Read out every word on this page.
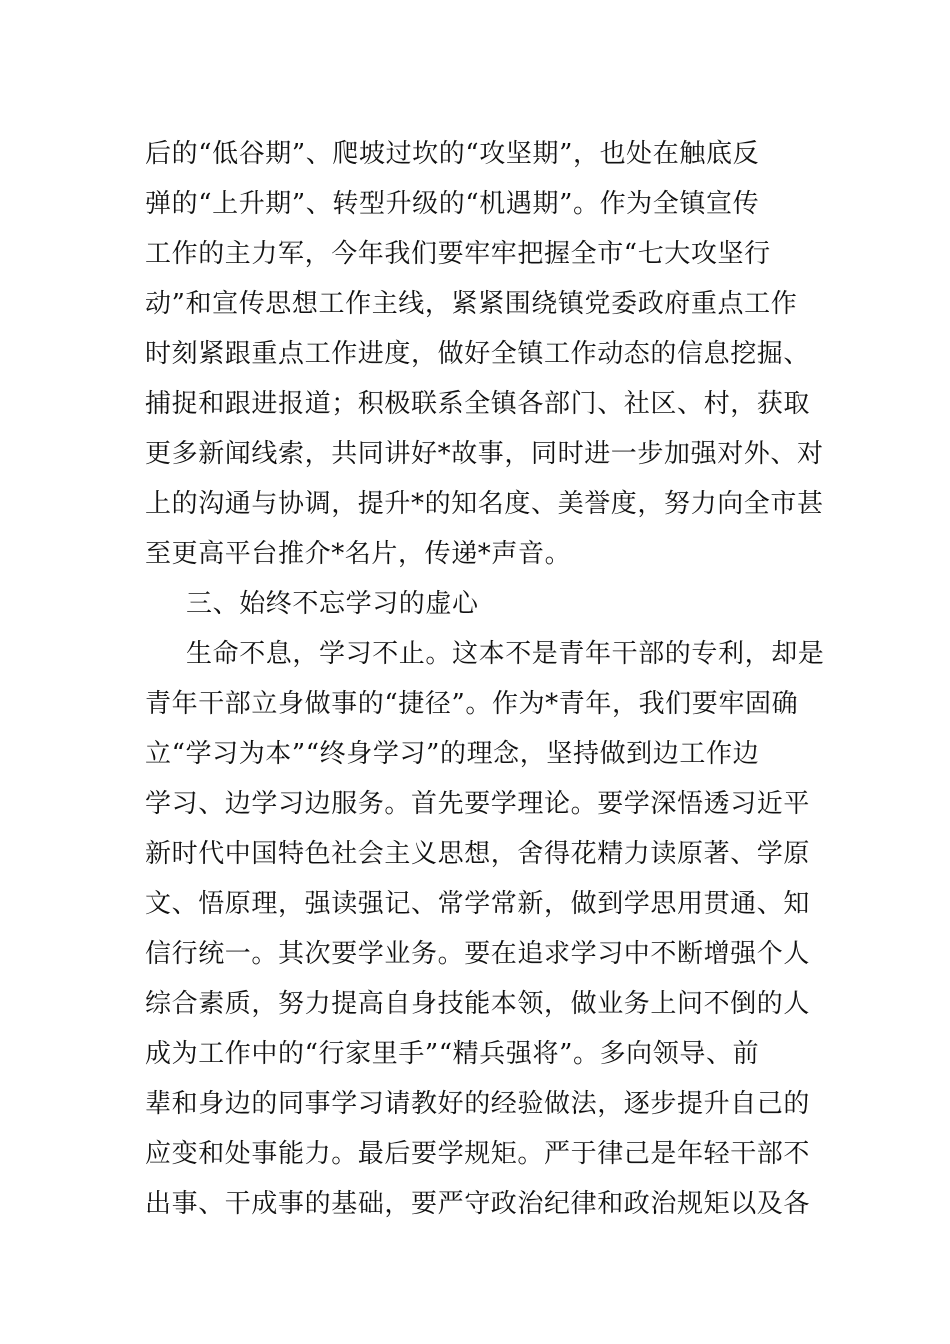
后的“低谷期”、爬坡过坎的“攻坚期”，也处在触底反
弹的“上升期”、转型升级的“机遇期”。作为全镇宣传
工作的主力军，今年我们要牢牢把握全市“七大攻坚行
动”和宣传思想工作主线，紧紧围绕镇党委政府重点工作
时刻紧跟重点工作进度，做好全镇工作动态的信息挖掘、
捕捉和跟进报道；积极联系全镇各部门、社区、村，获取
更多新闻线索，共同讲好*故事，同时进一步加强对外、对
上的沟通与协调，提升*的知名度、美誉度，努力向全市甚
至更高平台推介*名片，传递*声音。
三、始终不忘学习的虚心
生命不息，学习不止。这本不是青年干部的专利，却是
青年干部立身做事的“捷径”。作为*青年，我们要牢固确
立“学习为本”“终身学习”的理念，坚持做到边工作边
学习、边学习边服务。首先要学理论。要学深悟透习近平
新时代中国特色社会主义思想，舍得花精力读原著、学原
文、悟原理，强读强记、常学常新，做到学思用贯通、知
信行统一。其次要学业务。要在追求学习中不断增强个人
综合素质，努力提高自身技能本领，做业务上问不倒的人
成为工作中的“行家里手”“精兵强将”。多向领导、前
辈和身边的同事学习请教好的经验做法，逐步提升自己的
应变和处事能力。最后要学规矩。严于律己是年轻干部不
出事、干成事的基础，要严守政治纪律和政治规矩以及各
